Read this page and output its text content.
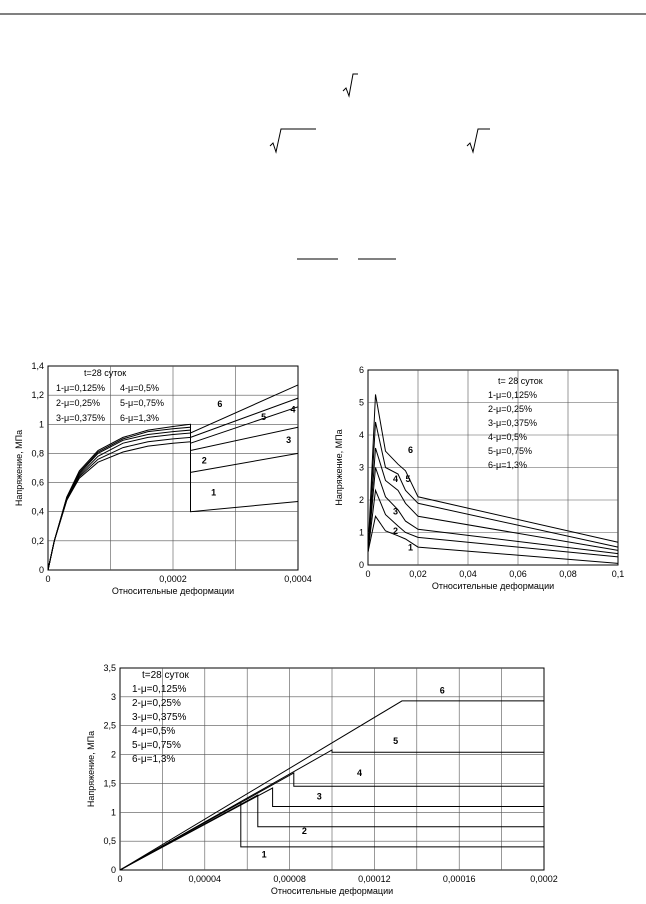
0
0,2
0,4
0,6
0,8
1
1,2
1,4
0	0,0002	0,0004
Относительные деформации
Напряжение, МПа	1
2
3
4
5
6
t=28 суток
1-μ=0,125% 4-μ=0,5%
2-μ=0,25% 5-μ=0,75%
3-μ=0,375% 6-μ=1,3%
0
1
2
3
4
5
6
0	0,02	0,04	0,06	0,08	0,1
Относительные деформации
Напряжение, МПа
1
2
3
4 5
6
t= 28 суток
1-μ=0,125%
2-μ=0,25%
3-μ=0,375%
4-μ=0,5%
5-μ=0,75%
6-μ=1,3%
0
0,5
1
1,5
2
2,5
3
3,5
0	0,00004	0,00008	0,00012	0,00016	0,0002
Относительные деформации
Напряжение, МПа
1
2
3
4
5
6
t=28 суток
1-μ=0,125%
2-μ=0,25%
3-μ=0,375%
4-μ=0,5%
5-μ=0,75%
6-μ=1,3%
